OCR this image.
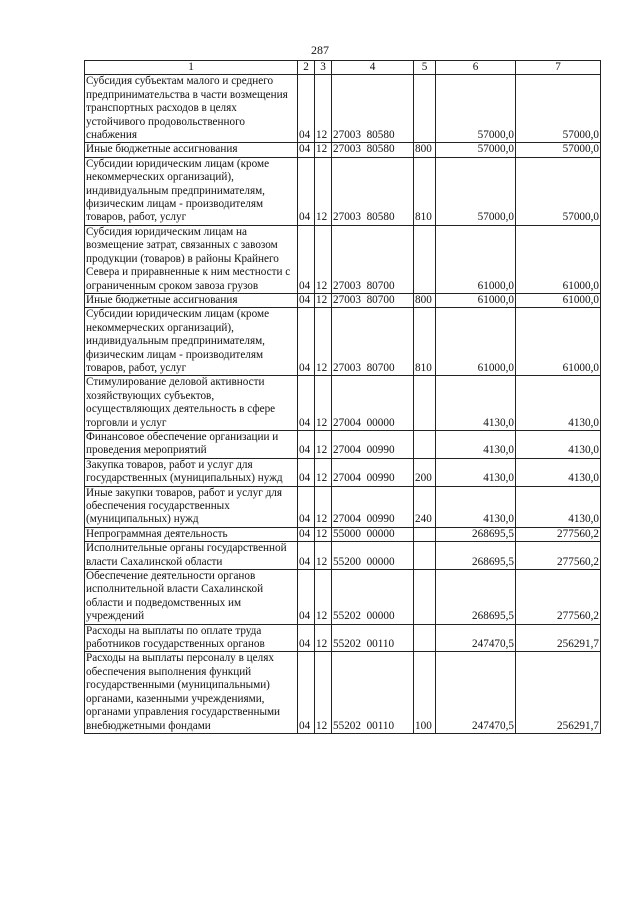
287
1	2	3	4	5	6	7
Субсидия субъектам малого и среднего предпринимательства в части возмещения транспортных расходов в целях устойчивого продовольственного снабжения	04	12	27003  80580		57000,0	57000,0
Иные бюджетные ассигнования	04	12	27003  80580	800	57000,0	57000,0
Субсидии юридическим лицам (кроме некоммерческих организаций), индивидуальным предпринимателям, физическим лицам - производителям товаров, работ, услуг	04	12	27003  80580	810	57000,0	57000,0
Субсидия юридическим лицам на возмещение затрат, связанных с завозом продукции (товаров) в районы Крайнего Севера и приравненные к ним местности с ограниченным сроком завоза грузов	04	12	27003  80700		61000,0	61000,0
Иные бюджетные ассигнования	04	12	27003  80700	800	61000,0	61000,0
Субсидии юридическим лицам (кроме некоммерческих организаций), индивидуальным предпринимателям, физическим лицам - производителям товаров, работ, услуг	04	12	27003  80700	810	61000,0	61000,0
Стимулирование деловой активности хозяйствующих субъектов, осуществляющих деятельность в сфере торговли и услуг	04	12	27004  00000		4130,0	4130,0
Финансовое обеспечение организации и проведения мероприятий	04	12	27004  00990		4130,0	4130,0
Закупка товаров, работ и услуг для государственных (муниципальных) нужд	04	12	27004  00990	200	4130,0	4130,0
Иные закупки товаров, работ и услуг для обеспечения государственных (муниципальных) нужд	04	12	27004  00990	240	4130,0	4130,0
Непрограммная деятельность	04	12	55000  00000		268695,5	277560,2
Исполнительные органы государственной власти Сахалинской области	04	12	55200  00000		268695,5	277560,2
Обеспечение деятельности органов исполнительной власти Сахалинской области и подведомственных им учреждений	04	12	55202  00000		268695,5	277560,2
Расходы на выплаты по оплате труда работников государственных органов	04	12	55202  00110		247470,5	256291,7
Расходы на выплаты персоналу в целях обеспечения выполнения функций государственными (муниципальными) органами, казенными учреждениями, органами управления государственными внебюджетными фондами	04	12	55202  00110	100	247470,5	256291,7
